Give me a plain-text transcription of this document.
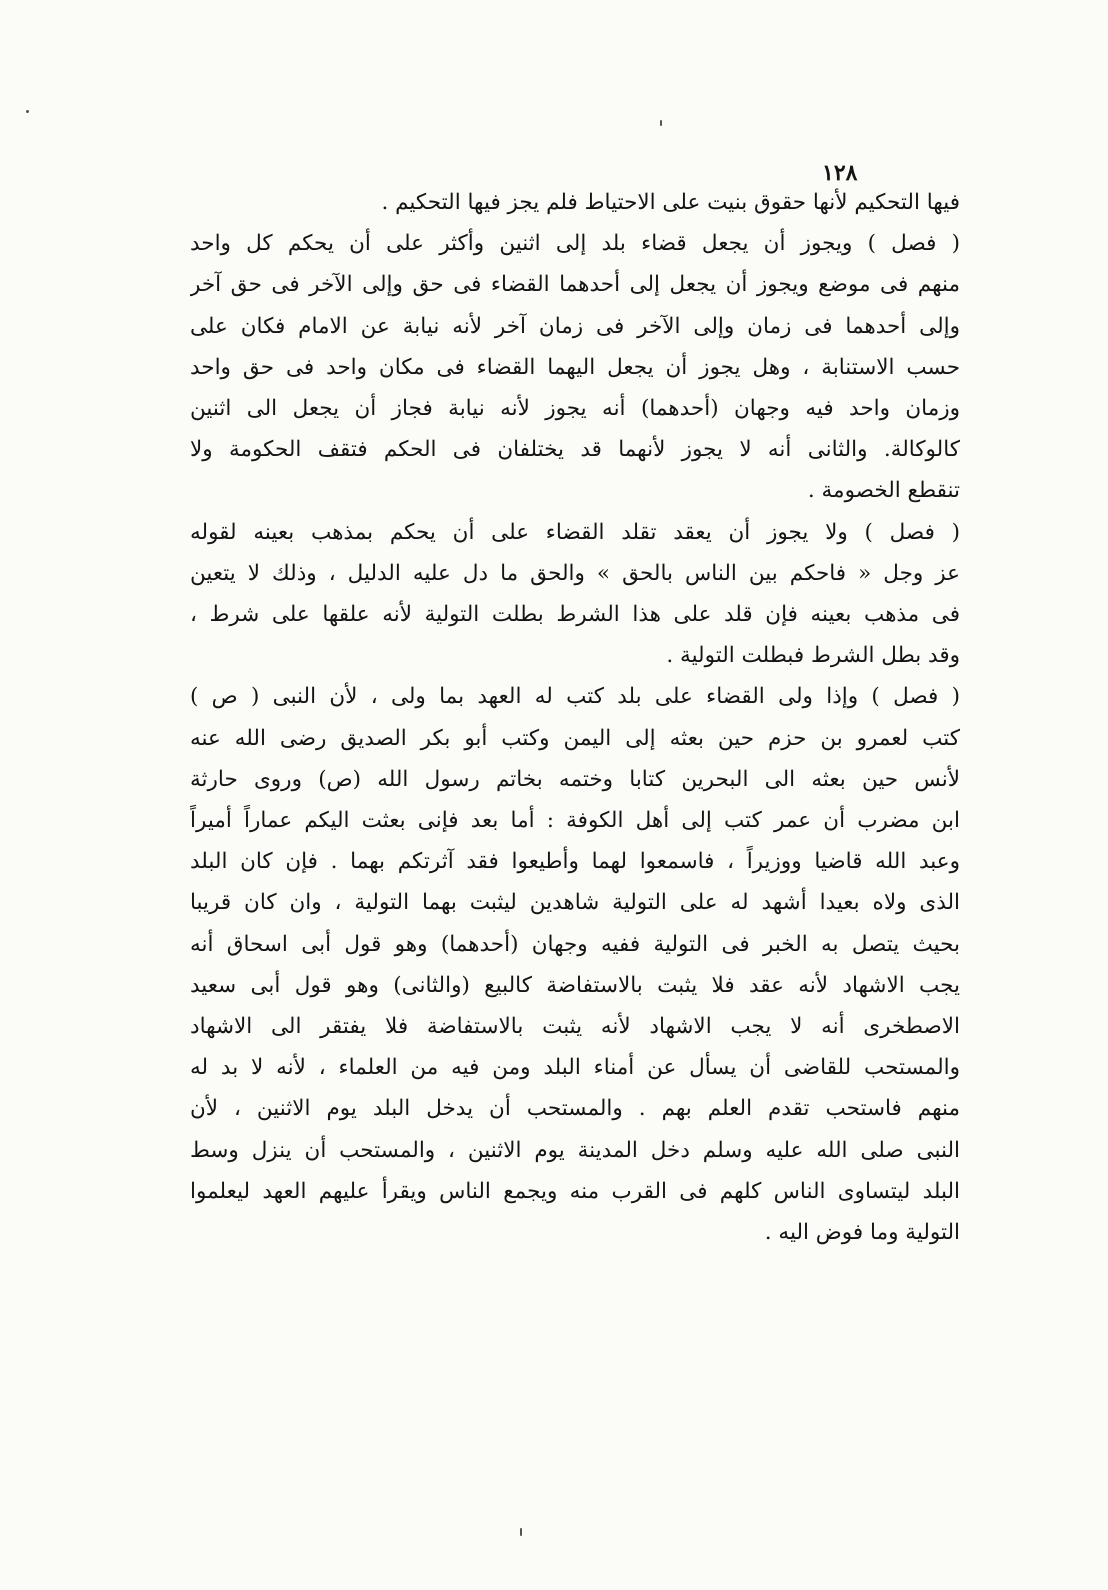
١٢٨

فيها التحكيم لأنها حقوق بنيت على الاحتياط فلم يجز فيها التحكيم .

( فصل ) ويجوز أن يجعل قضاء بلد إلى اثنين وأكثر على أن يحكم كل واحد
منهم فى موضع ويجوز أن يجعل إلى أحدهما القضاء فى حق وإلى الآخر فى حق آخر
وإلى أحدهما فى زمان وإلى الآخر فى زمان آخر لأنه نيابة عن الامام فكان على
حسب الاستنابة ، وهل يجوز أن يجعل اليهما القضاء فى مكان واحد فى حق واحد
وزمان واحد فيه وجهان (أحدهما) أنه يجوز لأنه نيابة فجاز أن يجعل الى اثنين
كالوكالة. والثانى أنه لا يجوز لأنهما قد يختلفان فى الحكم فتقف الحكومة ولا
تنقطع الخصومة .

( فصل ) ولا يجوز أن يعقد تقلد القضاء على أن يحكم بمذهب بعينه لقوله
عز وجل « فاحكم بين الناس بالحق » والحق ما دل عليه الدليل ، وذلك لا يتعين
فى مذهب بعينه فإن قلد على هذا الشرط بطلت التولية لأنه علقها على شرط ،
وقد بطل الشرط فبطلت التولية .

( فصل ) وإذا ولى القضاء على بلد كتب له العهد بما ولى ، لأن النبى ( ص )
كتب لعمرو بن حزم حين بعثه إلى اليمن وكتب أبو بكر الصديق رضى الله عنه
لأنس حين بعثه الى البحرين كتابا وختمه بخاتم رسول الله (ص) وروى حارثة
ابن مضرب أن عمر كتب إلى أهل الكوفة : أما بعد فإنى بعثت اليكم عماراً أميراً
وعبد الله قاضيا ووزيراً ، فاسمعوا لهما وأطيعوا فقد آثرتكم بهما . فإن كان البلد
الذى ولاه بعيدا أشهد له على التولية شاهدين ليثبت بهما التولية ، وان كان قريبا
بحيث يتصل به الخبر فى التولية ففيه وجهان (أحدهما) وهو قول أبى اسحاق أنه
يجب الاشهاد لأنه عقد فلا يثبت بالاستفاضة كالبيع (والثانى) وهو قول أبى سعيد
الاصطخرى أنه لا يجب الاشهاد لأنه يثبت بالاستفاضة فلا يفتقر الى الاشهاد
والمستحب للقاضى أن يسأل عن أمناء البلد ومن فيه من العلماء ، لأنه لا بد له
منهم فاستحب تقدم العلم بهم . والمستحب أن يدخل البلد يوم الاثنين ، لأن
النبى صلى الله عليه وسلم دخل المدينة يوم الاثنين ، والمستحب أن ينزل وسط
البلد ليتساوى الناس كلهم فى القرب منه ويجمع الناس ويقرأ عليهم العهد ليعلموا
التولية وما فوض اليه .
